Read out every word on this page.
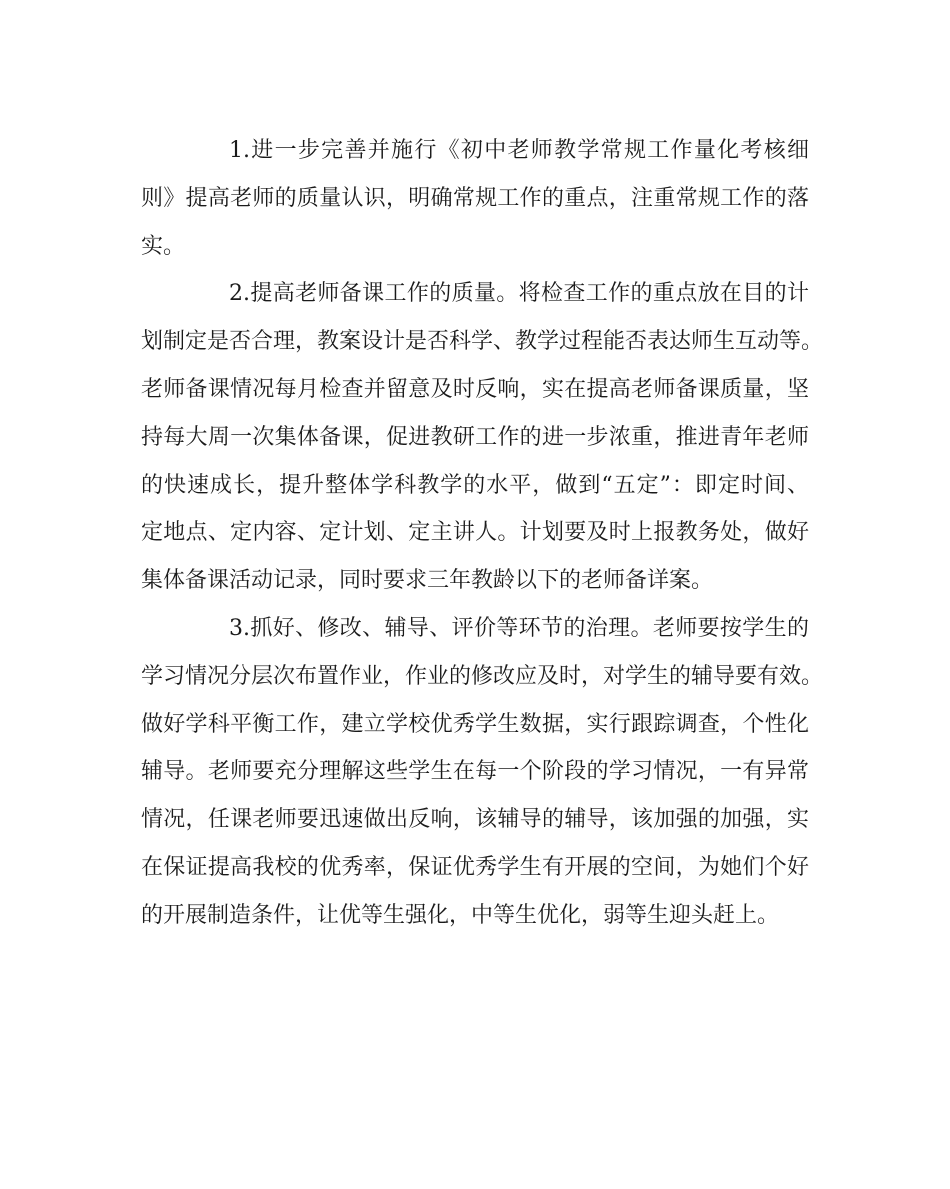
1.进一步完善并施行《初中老师教学常规工作量化考核细
则》提高老师的质量认识，明确常规工作的重点，注重常规工作的落
实。
2.提高老师备课工作的质量。将检查工作的重点放在目的计
划制定是否合理，教案设计是否科学、教学过程能否表达师生互动等。
老师备课情况每月检查并留意及时反响，实在提高老师备课质量，坚
持每大周一次集体备课，促进教研工作的进一步浓重，推进青年老师
的快速成长，提升整体学科教学的水平，做到“五定”：即定时间、
定地点、定内容、定计划、定主讲人。计划要及时上报教务处，做好
集体备课活动记录，同时要求三年教龄以下的老师备详案。
3.抓好、修改、辅导、评价等环节的治理。老师要按学生的
学习情况分层次布置作业，作业的修改应及时，对学生的辅导要有效。
做好学科平衡工作，建立学校优秀学生数据，实行跟踪调查，个性化
辅导。老师要充分理解这些学生在每一个阶段的学习情况，一有异常
情况，任课老师要迅速做出反响，该辅导的辅导，该加强的加强，实
在保证提高我校的优秀率，保证优秀学生有开展的空间，为她们个好
的开展制造条件，让优等生强化，中等生优化，弱等生迎头赶上。
